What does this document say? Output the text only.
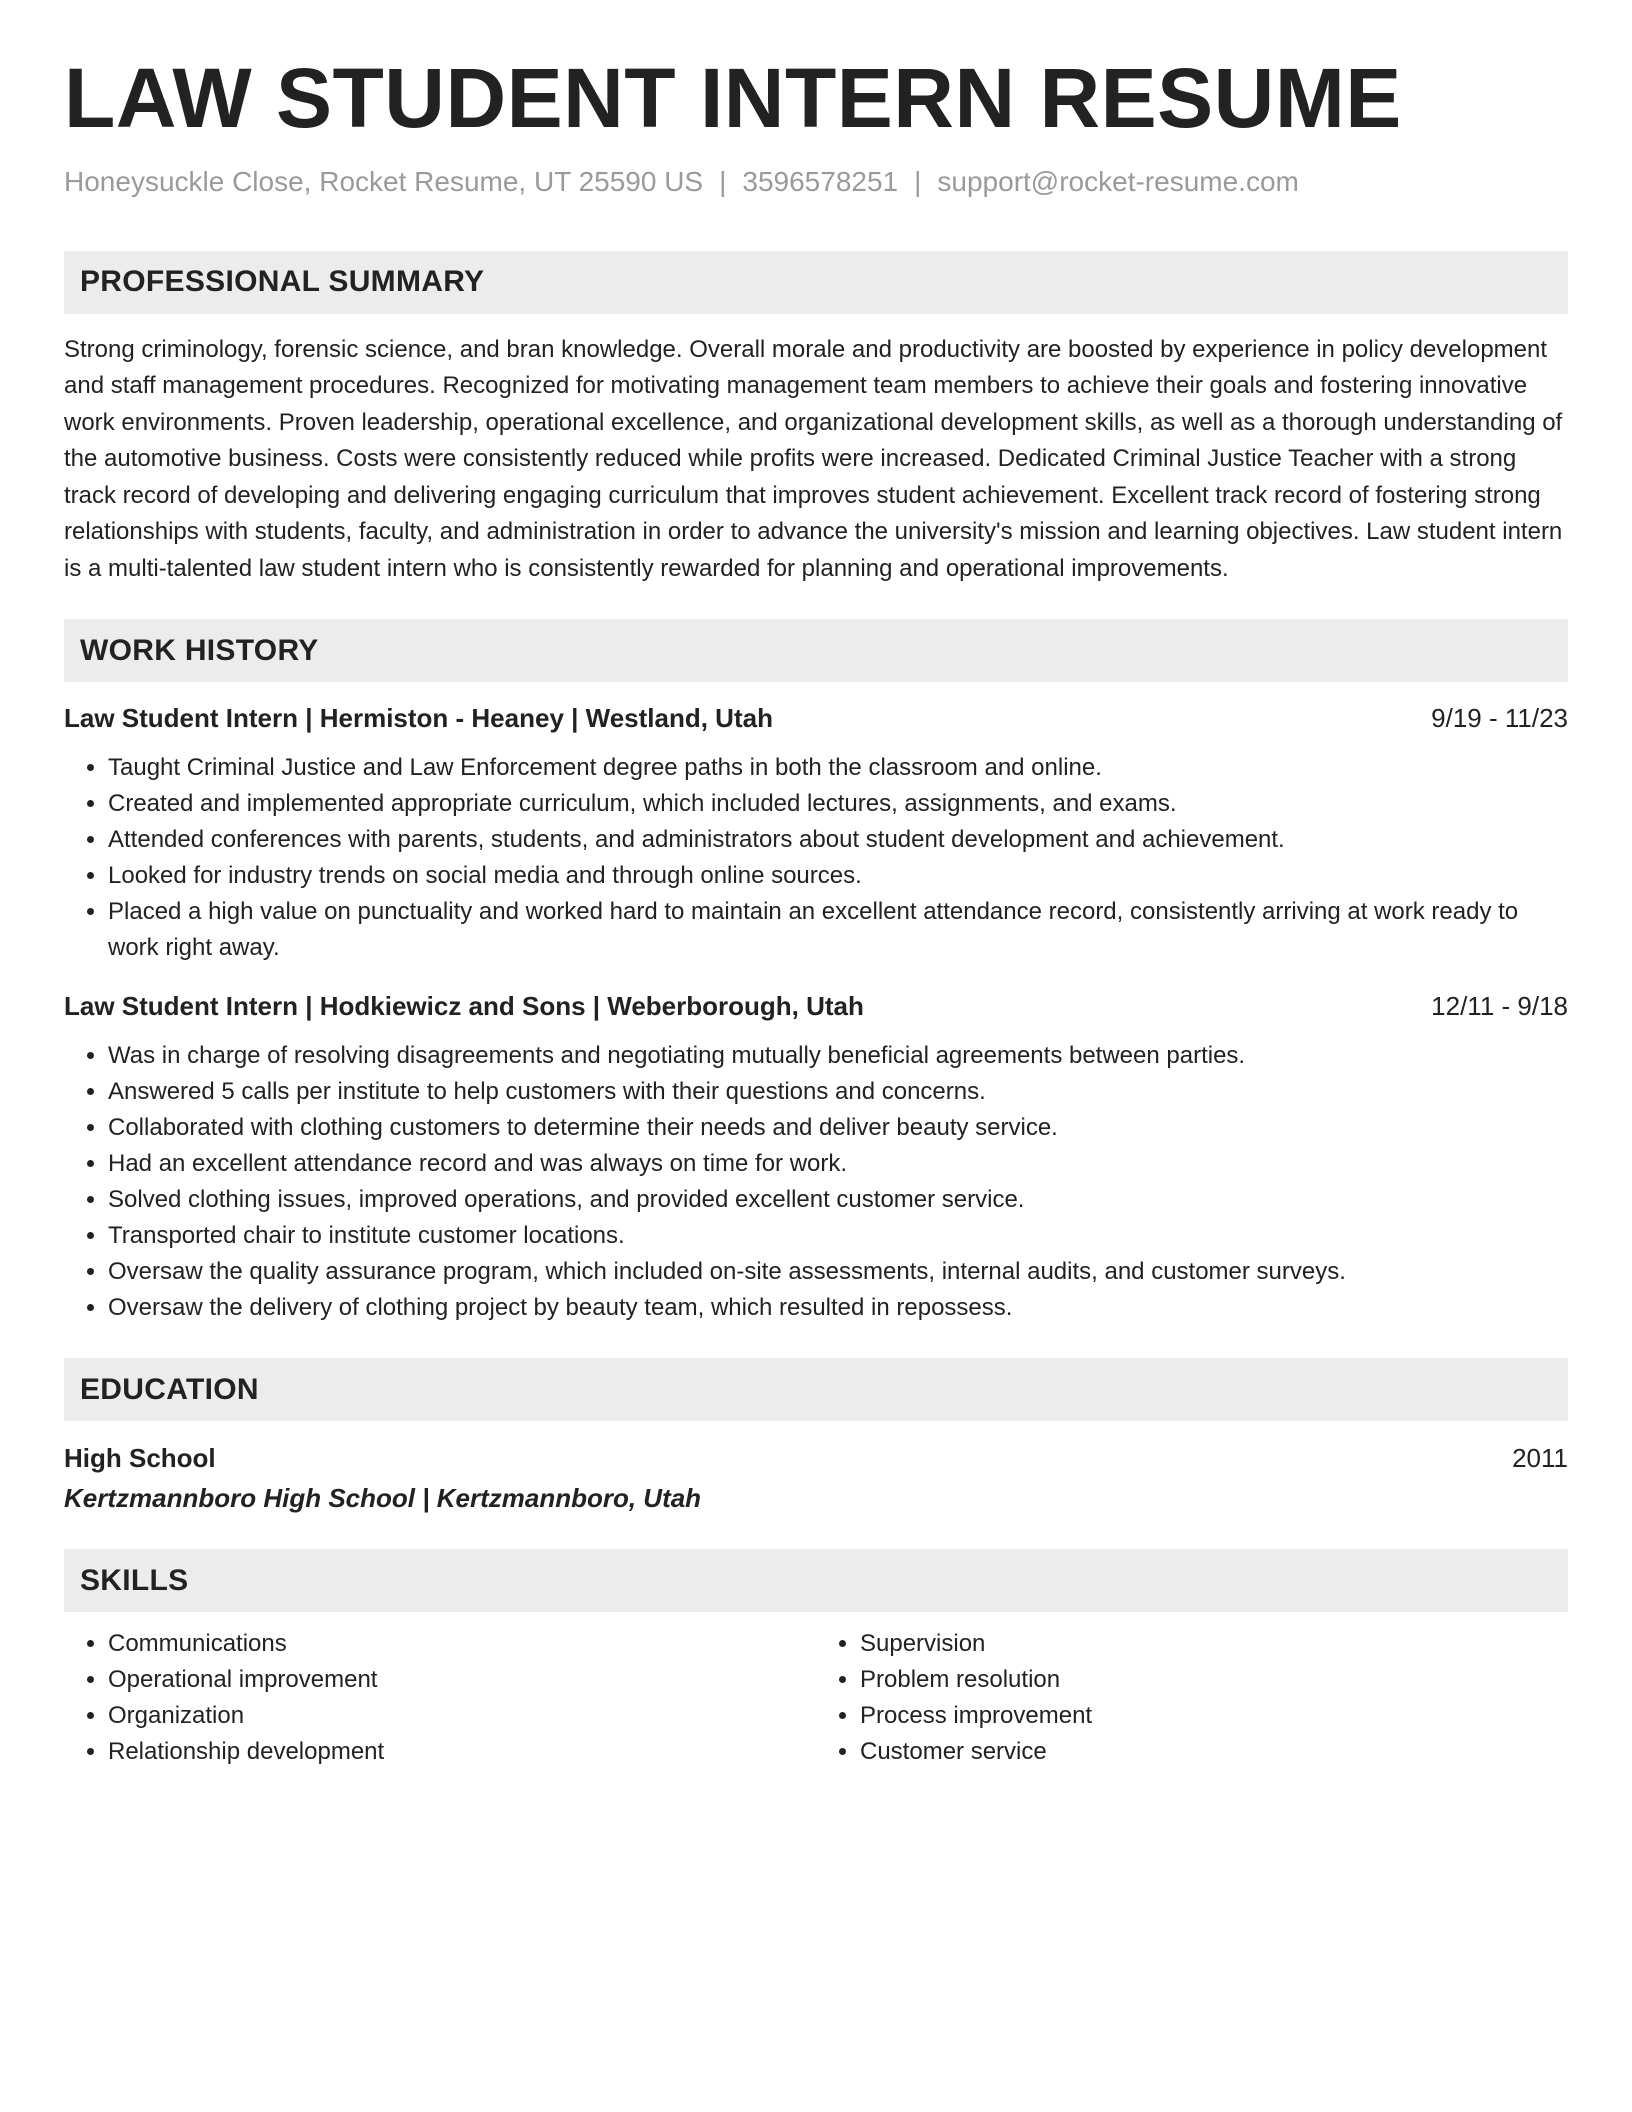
LAW STUDENT INTERN RESUME
Honeysuckle Close, Rocket Resume, UT 25590 US | 3596578251 | support@rocket-resume.com
PROFESSIONAL SUMMARY

Strong criminology, forensic science, and bran knowledge. Overall morale and productivity are boosted by experience in policy development and staff management procedures. Recognized for motivating management team members to achieve their goals and fostering innovative work environments. Proven leadership, operational excellence, and organizational development skills, as well as a thorough understanding of the automotive business. Costs were consistently reduced while profits were increased. Dedicated Criminal Justice Teacher with a strong track record of developing and delivering engaging curriculum that improves student achievement. Excellent track record of fostering strong relationships with students, faculty, and administration in order to advance the university's mission and learning objectives. Law student intern is a multi-talented law student intern who is consistently rewarded for planning and operational improvements.

WORK HISTORY
Law Student Intern | Hermiston - Heaney | Westland, Utah	9/19 - 11/23
• Taught Criminal Justice and Law Enforcement degree paths in both the classroom and online.
• Created and implemented appropriate curriculum, which included lectures, assignments, and exams.
• Attended conferences with parents, students, and administrators about student development and achievement.
• Looked for industry trends on social media and through online sources.
• Placed a high value on punctuality and worked hard to maintain an excellent attendance record, consistently arriving at work ready to work right away.
Law Student Intern | Hodkiewicz and Sons | Weberborough, Utah	12/11 - 9/18
• Was in charge of resolving disagreements and negotiating mutually beneficial agreements between parties.
• Answered 5 calls per institute to help customers with their questions and concerns.
• Collaborated with clothing customers to determine their needs and deliver beauty service.
• Had an excellent attendance record and was always on time for work.
• Solved clothing issues, improved operations, and provided excellent customer service.
• Transported chair to institute customer locations.
• Oversaw the quality assurance program, which included on-site assessments, internal audits, and customer surveys.
• Oversaw the delivery of clothing project by beauty team, which resulted in repossess.
EDUCATION
High School	2011
Kertzmannboro High School | Kertzmannboro, Utah
SKILLS
• Communications
• Operational improvement
• Organization
• Relationship development
• Supervision
• Problem resolution
• Process improvement
• Customer service
